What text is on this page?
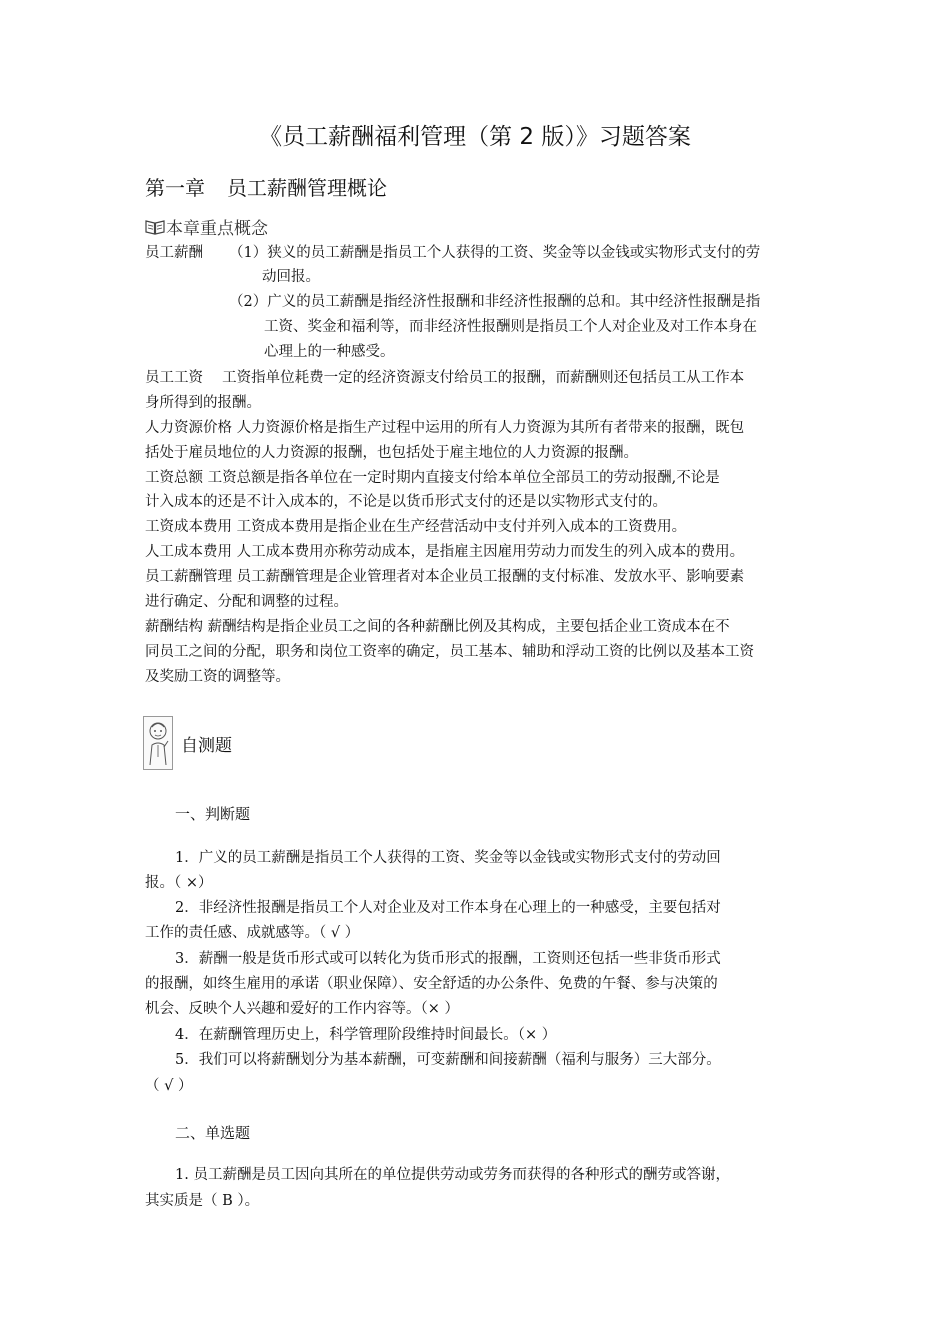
《员工薪酬福利管理（第 2 版）》习题答案
第一章 员工薪酬管理概论
本章重点概念
员工薪酬 （1）狭义的员工薪酬是指员工个人获得的工资、奖金等以金钱或实物形式支付的劳
动回报。
（2）广义的员工薪酬是指经济性报酬和非经济性报酬的总和。其中经济性报酬是指
工资、奖金和福利等，而非经济性报酬则是指员工个人对企业及对工作本身在
心理上的一种感受。
员工工资　 工资指单位耗费一定的经济资源支付给员工的报酬，而薪酬则还包括员工从工作本
身所得到的报酬。
人力资源价格 人力资源价格是指生产过程中运用的所有人力资源为其所有者带来的报酬，既包
括处于雇员地位的人力资源的报酬，也包括处于雇主地位的人力资源的报酬。
工资总额 工资总额是指各单位在一定时期内直接支付给本单位全部员工的劳动报酬,不论是
计入成本的还是不计入成本的，不论是以货币形式支付的还是以实物形式支付的。
工资成本费用 工资成本费用是指企业在生产经营活动中支付并列入成本的工资费用。
人工成本费用 人工成本费用亦称劳动成本，是指雇主因雇用劳动力而发生的列入成本的费用。
员工薪酬管理 员工薪酬管理是企业管理者对本企业员工报酬的支付标准、发放水平、影响要素
进行确定、分配和调整的过程。
薪酬结构 薪酬结构是指企业员工之间的各种薪酬比例及其构成，主要包括企业工资成本在不
同员工之间的分配，职务和岗位工资率的确定，员工基本、辅助和浮动工资的比例以及基本工资
及奖励工资的调整等。
自测题
一、判断题
1．广义的员工薪酬是指员工个人获得的工资、奖金等以金钱或实物形式支付的劳动回
报。（ ×）
2．非经济性报酬是指员工个人对企业及对工作本身在心理上的一种感受，主要包括对
工作的责任感、成就感等。（ √ ）
3．薪酬一般是货币形式或可以转化为货币形式的报酬，工资则还包括一些非货币形式
的报酬，如终生雇用的承诺（职业保障）、安全舒适的办公条件、免费的午餐、参与决策的
机会、反映个人兴趣和爱好的工作内容等。（× ）
4．在薪酬管理历史上，科学管理阶段维持时间最长。（× ）
5．我们可以将薪酬划分为基本薪酬，可变薪酬和间接薪酬（福利与服务）三大部分。
（ √ ）
二、单选题
1. 员工薪酬是员工因向其所在的单位提供劳动或劳务而获得的各种形式的酬劳或答谢，
其实质是（ B ）。
